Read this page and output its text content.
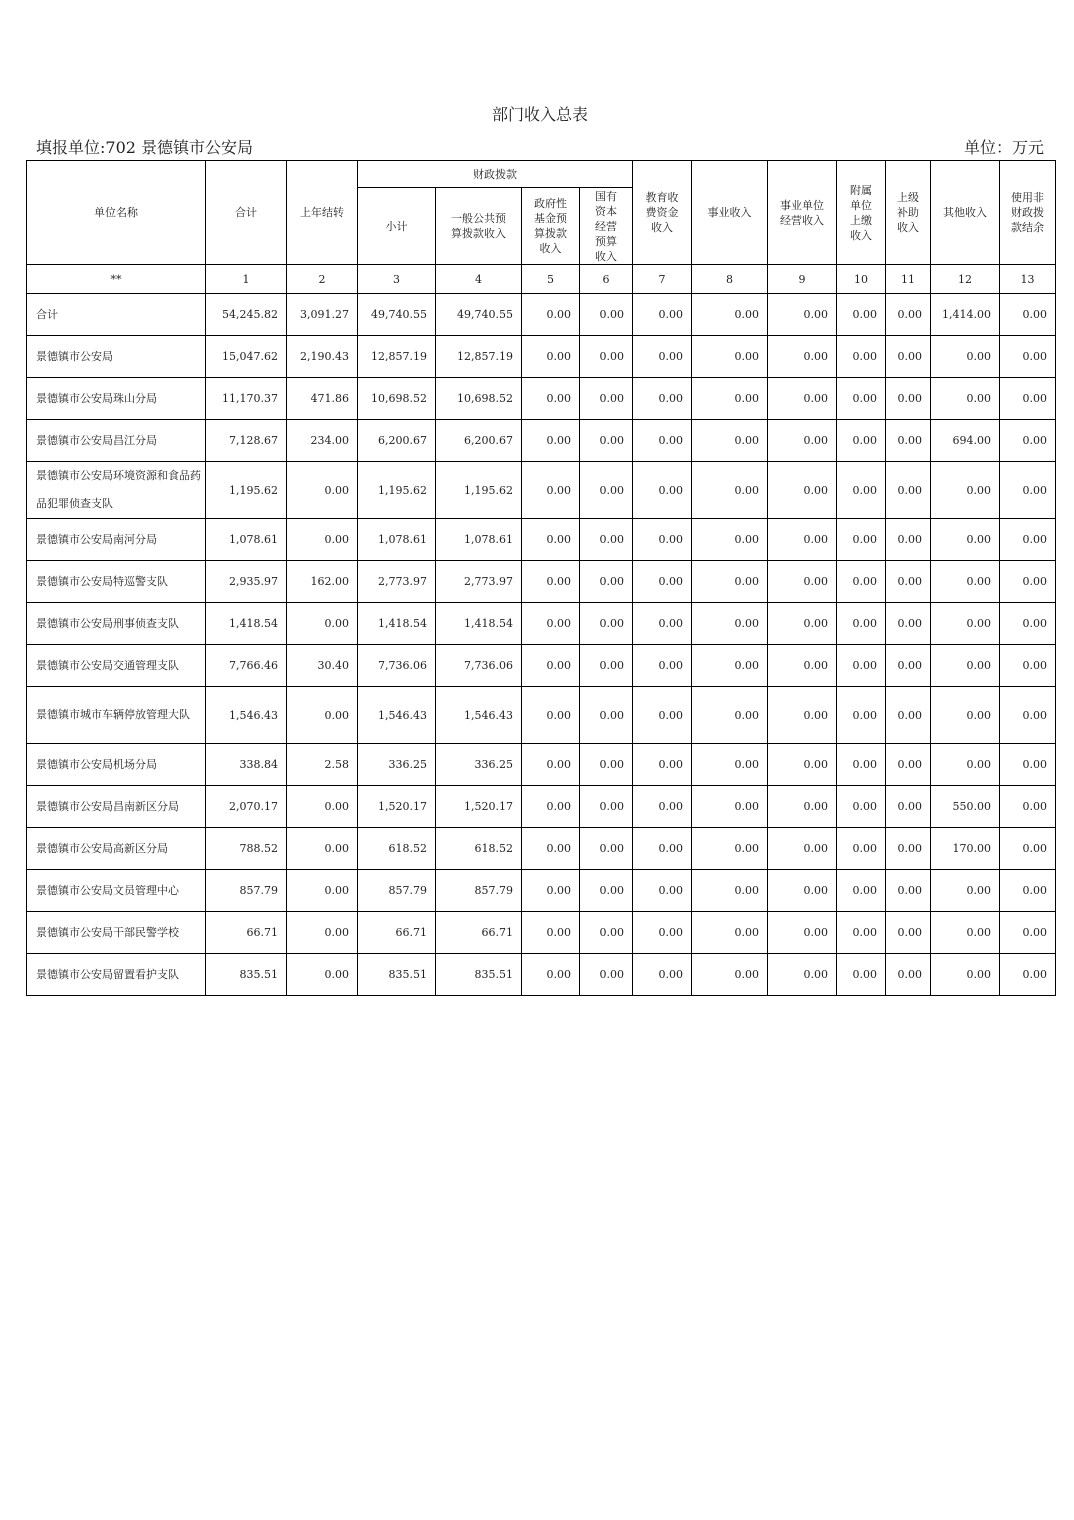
部门收入总表
填报单位:702 景德镇市公安局	单位：万元
单位名称	合计	上年结转	财政拨款				教育收费资金收入	事业收入	事业单位经营收入	附属单位上缴收入	上级补助收入	其他收入	使用非财政拨款结余

			小计	一般公共预算拨款收入	政府性基金预算拨款收入	国有资本经营预算收入							

**	1	2	3	4	5	6	7	8	9	10	11	12	13
合计	54,245.82	3,091.27	49,740.55	49,740.55	0.00	0.00	0.00	0.00	0.00	0.00	0.00	1,414.00	0.00
景德镇市公安局	15,047.62	2,190.43	12,857.19	12,857.19	0.00	0.00	0.00	0.00	0.00	0.00	0.00	0.00	0.00
景德镇市公安局珠山分局	11,170.37	471.86	10,698.52	10,698.52	0.00	0.00	0.00	0.00	0.00	0.00	0.00	0.00	0.00
景德镇市公安局昌江分局	7,128.67	234.00	6,200.67	6,200.67	0.00	0.00	0.00	0.00	0.00	0.00	0.00	694.00	0.00
景德镇市公安局环境资源和食品药品犯罪侦查支队	1,195.62	0.00	1,195.62	1,195.62	0.00	0.00	0.00	0.00	0.00	0.00	0.00	0.00	0.00
景德镇市公安局南河分局	1,078.61	0.00	1,078.61	1,078.61	0.00	0.00	0.00	0.00	0.00	0.00	0.00	0.00	0.00
景德镇市公安局特巡警支队	2,935.97	162.00	2,773.97	2,773.97	0.00	0.00	0.00	0.00	0.00	0.00	0.00	0.00	0.00
景德镇市公安局刑事侦查支队	1,418.54	0.00	1,418.54	1,418.54	0.00	0.00	0.00	0.00	0.00	0.00	0.00	0.00	0.00
景德镇市公安局交通管理支队	7,766.46	30.40	7,736.06	7,736.06	0.00	0.00	0.00	0.00	0.00	0.00	0.00	0.00	0.00
景德镇市城市车辆停放管理大队	1,546.43	0.00	1,546.43	1,546.43	0.00	0.00	0.00	0.00	0.00	0.00	0.00	0.00	0.00
景德镇市公安局机场分局	338.84	2.58	336.25	336.25	0.00	0.00	0.00	0.00	0.00	0.00	0.00	0.00	0.00
景德镇市公安局昌南新区分局	2,070.17	0.00	1,520.17	1,520.17	0.00	0.00	0.00	0.00	0.00	0.00	0.00	550.00	0.00
景德镇市公安局高新区分局	788.52	0.00	618.52	618.52	0.00	0.00	0.00	0.00	0.00	0.00	0.00	170.00	0.00
景德镇市公安局文员管理中心	857.79	0.00	857.79	857.79	0.00	0.00	0.00	0.00	0.00	0.00	0.00	0.00	0.00
景德镇市公安局干部民警学校	66.71	0.00	66.71	66.71	0.00	0.00	0.00	0.00	0.00	0.00	0.00	0.00	0.00
景德镇市公安局留置看护支队	835.51	0.00	835.51	835.51	0.00	0.00	0.00	0.00	0.00	0.00	0.00	0.00	0.00
